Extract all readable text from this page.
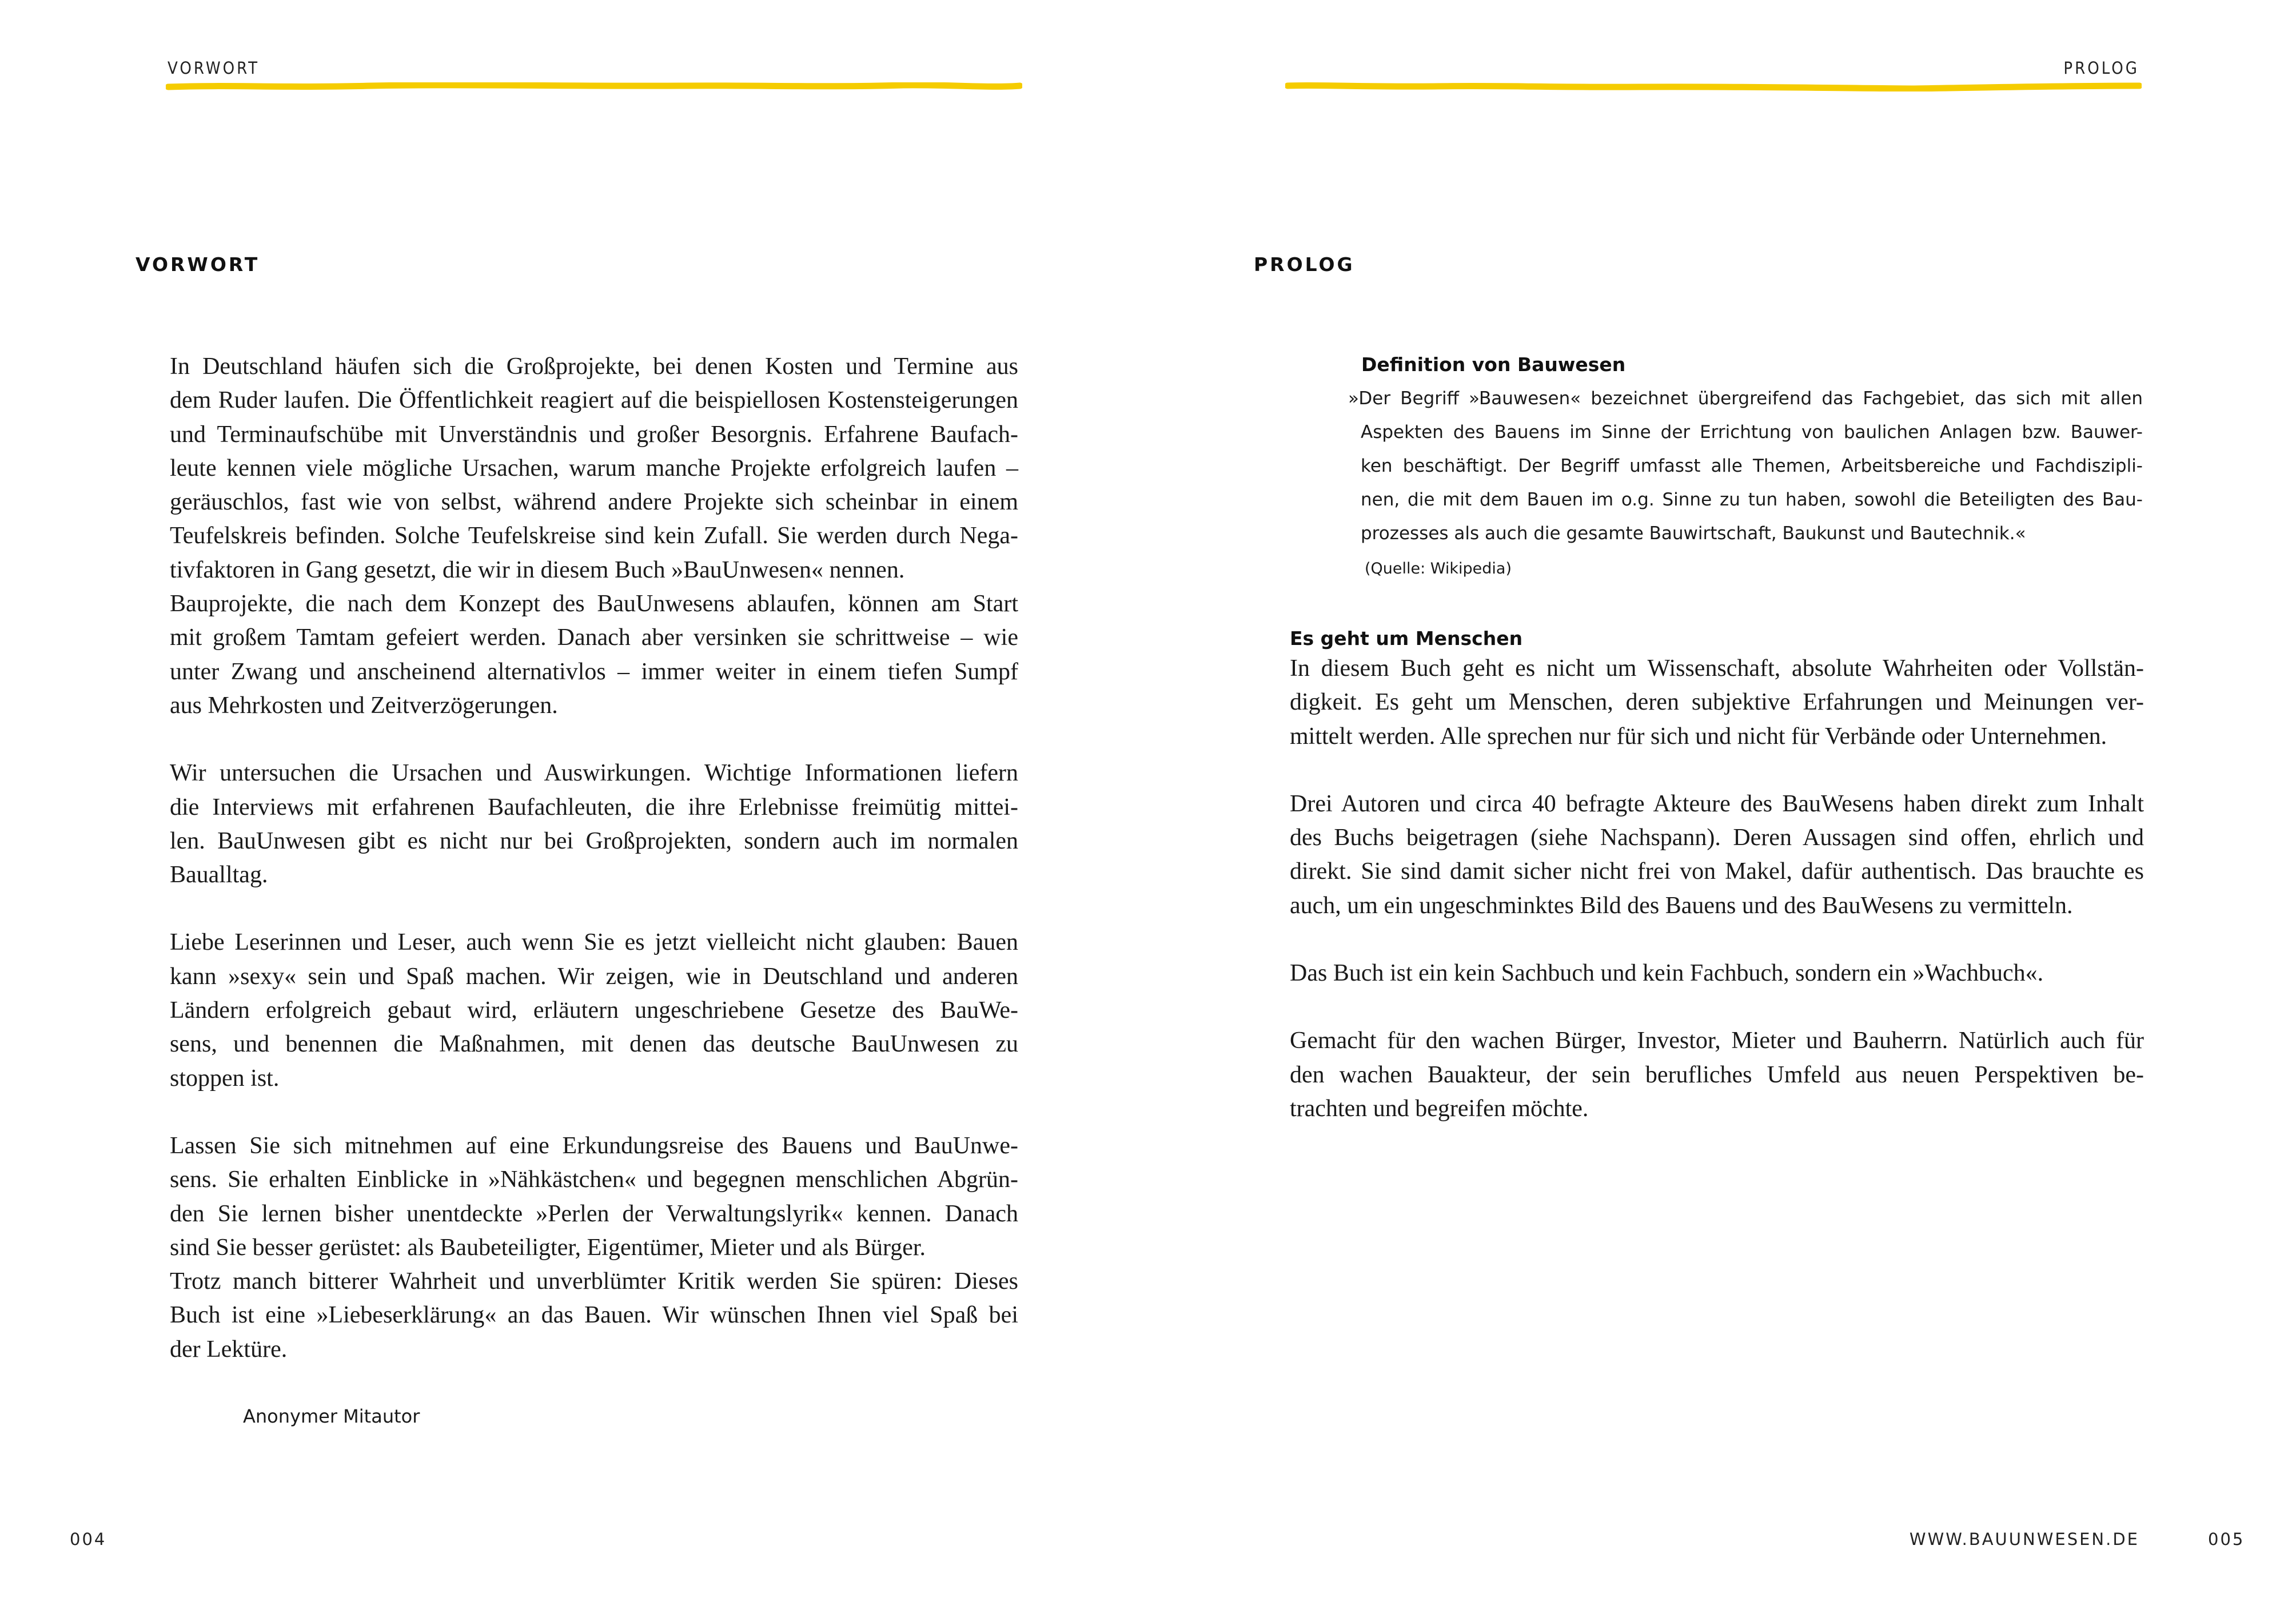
VORWORT
VORWORT
In Deutschland häufen sich die Großprojekte, bei denen Kosten und Termine aus
dem Ruder laufen. Die Öffentlichkeit reagiert auf die beispiellosen Kostensteigerungen
und Terminaufschübe mit Unverständnis und großer Besorgnis. Erfahrene Baufach-
leute kennen viele mögliche Ursachen, warum manche Projekte erfolgreich laufen –
geräuschlos, fast wie von selbst, während andere Projekte sich scheinbar in einem
Teufelskreis befinden. Solche Teufelskreise sind kein Zufall. Sie werden durch Nega-
tivfaktoren in Gang gesetzt, die wir in diesem Buch »BauUnwesen« nennen.
Bauprojekte, die nach dem Konzept des BauUnwesens ablaufen, können am Start
mit großem Tamtam gefeiert werden. Danach aber versinken sie schrittweise – wie
unter Zwang und anscheinend alternativlos – immer weiter in einem tiefen Sumpf
aus Mehrkosten und Zeitverzögerungen.
Wir untersuchen die Ursachen und Auswirkungen. Wichtige Informationen liefern
die Interviews mit erfahrenen Baufachleuten, die ihre Erlebnisse freimütig mittei-
len. BauUnwesen gibt es nicht nur bei Großprojekten, sondern auch im normalen
Baualltag.
Liebe Leserinnen und Leser, auch wenn Sie es jetzt vielleicht nicht glauben: Bauen
kann »sexy« sein und Spaß machen. Wir zeigen, wie in Deutschland und anderen
Ländern erfolgreich gebaut wird, erläutern ungeschriebene Gesetze des BauWe-
sens, und benennen die Maßnahmen, mit denen das deutsche BauUnwesen zu
stoppen ist.
Lassen Sie sich mitnehmen auf eine Erkundungsreise des Bauens und BauUnwe-
sens. Sie erhalten Einblicke in »Nähkästchen« und begegnen menschlichen Abgrün-
den Sie lernen bisher unentdeckte »Perlen der Verwaltungslyrik« kennen. Danach
sind Sie besser gerüstet: als Baubeteiligter, Eigentümer, Mieter und als Bürger.
Trotz manch bitterer Wahrheit und unverblümter Kritik werden Sie spüren: Dieses
Buch ist eine »Liebeserklärung« an das Bauen. Wir wünschen Ihnen viel Spaß bei
der Lektüre.
Anonymer Mitautor
004
PROLOG
PROLOG
Definition von Bauwesen
»Der Begriff »Bauwesen« bezeichnet übergreifend das Fachgebiet, das sich mit allen
Aspekten des Bauens im Sinne der Errichtung von baulichen Anlagen bzw. Bauwer-
ken beschäftigt. Der Begriff umfasst alle Themen, Arbeitsbereiche und Fachdiszipli-
nen, die mit dem Bauen im o.g. Sinne zu tun haben, sowohl die Beteiligten des Bau-
prozesses als auch die gesamte Bauwirtschaft, Baukunst und Bautechnik.«
(Quelle: Wikipedia)
Es geht um Menschen
In diesem Buch geht es nicht um Wissenschaft, absolute Wahrheiten oder Vollstän-
digkeit. Es geht um Menschen, deren subjektive Erfahrungen und Meinungen ver-
mittelt werden. Alle sprechen nur für sich und nicht für Verbände oder Unternehmen.
Drei Autoren und circa 40 befragte Akteure des BauWesens haben direkt zum Inhalt
des Buchs beigetragen (siehe Nachspann). Deren Aussagen sind offen, ehrlich und
direkt. Sie sind damit sicher nicht frei von Makel, dafür authentisch. Das brauchte es
auch, um ein ungeschminktes Bild des Bauens und des BauWesens zu vermitteln.
Das Buch ist ein kein Sachbuch und kein Fachbuch, sondern ein »Wachbuch«.
Gemacht für den wachen Bürger, Investor, Mieter und Bauherrn. Natürlich auch für
den wachen Bauakteur, der sein berufliches Umfeld aus neuen Perspektiven be-
trachten und begreifen möchte.
WWW.BAUUNWESEN.DE	005
